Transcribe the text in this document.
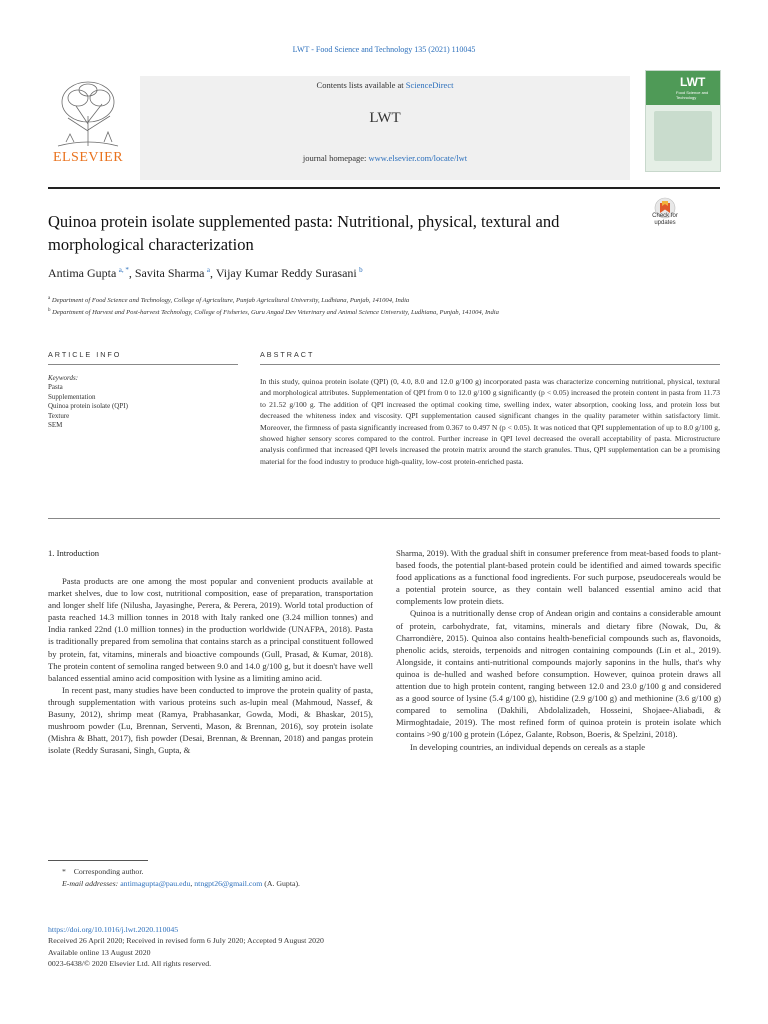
LWT - Food Science and Technology 135 (2021) 110045
Contents lists available at ScienceDirect
LWT
journal homepage: www.elsevier.com/locate/lwt
ELSEVIER
LWT
Food Science and Technology
Quinoa protein isolate supplemented pasta: Nutritional, physical, textural and morphological characterization
Check for
updates
Antima Gupta  $^{a, *}$, Savita Sharma  $^a$, Vijay Kumar Reddy Surasani  $^b$
$^a$ Department of Food Science and Technology, College of Agriculture, Punjab Agricultural University, Ludhiana, Punjab, 141004, India
$^b$ Department of Harvest and Post-harvest Technology, College of Fisheries, Guru Angad Dev Veterinary and Animal Science University, Ludhiana, Punjab, 141004, India
ARTICLE INFO	ABSTRACT
Keywords:
Pasta
Supplementation
Quinoa protein isolate (QPI)
Texture
SEM
In this study, quinoa protein isolate (QPI) (0, 4.0, 8.0 and 12.0 g/100 g) incorporated pasta was characterize concerning nutritional, physical, textural and morphological attributes. Supplementation of QPI from 0 to 12.0 g/100 g significantly (p < 0.05) increased the protein content in pasta from 11.73 to 21.52 g/100 g. The addition of QPI increased the optimal cooking time, swelling index, water absorption, cooking loss, and protein loss but decreased the whiteness index and viscosity. QPI supplementation caused significant changes in the quality parameter within satisfactory limit. Moreover, the firmness of pasta significantly increased from 0.367 to 0.497 N (p < 0.05). It was noticed that QPI supplementation of up to 8.0 g/100 g, showed higher sensory scores compared to the control. Further increase in QPI level decreased the overall acceptability of pasta. Microstructure analysis confirmed that increased QPI levels increased the protein matrix around the starch granules. Thus, QPI supplementation can be a promising material for the food industry to produce high-quality, low-cost protein-enriched pasta.
1. Introduction

Pasta products are one among the most popular and convenient products available at market shelves, due to low cost, nutritional composition, ease of preparation, transportation and longer shelf life (Nilusha, Jayasinghe, Perera, & Perera, 2019). World total production of pasta reached 14.3 million tonnes in 2018 with Italy ranked one (3.24 million tonnes) and India ranked 22nd (1.0 million tonnes) in the production worldwide (UNAFPA, 2018). Pasta is traditionally prepared from semolina that contains starch as a principal constituent followed by protein, fat, vitamins, minerals and bioactive compounds (Gull, Prasad, & Kumar, 2018). The protein content of semolina ranged between 9.0 and 14.0 g/100 g, but it doesn't have well balanced essential amino acid composition with lysine as a limiting amino acid.

In recent past, many studies have been conducted to improve the protein quality of pasta, through supplementation with various proteins such as-lupin meal (Mahmoud, Nassef, & Basuny, 2012), shrimp meat (Ramya, Prabhasankar, Gowda, Modi, & Bhaskar, 2015), mushroom powder (Lu, Brennan, Serventi, Mason, & Brennan, 2016), soy protein isolate (Mishra & Bhatt, 2017), fish powder (Desai, Brennan, & Brennan, 2018) and pangas protein isolate (Reddy Surasani, Singh, Gupta, &

Sharma, 2019). With the gradual shift in consumer preference from meat-based foods to plant-based foods, the potential plant-based protein could be identified and aimed towards specific food applications as a functional food ingredients. For such purpose, pseudocereals would be a potential protein source, as they contain well balanced essential amino acid that complements low protein diets.

Quinoa is a nutritionally dense crop of Andean origin and contains a considerable amount of protein, carbohydrate, fat, vitamins, minerals and dietary fibre (Nowak, Du, & Charrondière, 2015). Quinoa also contains health-beneficial compounds such as, flavonoids, phenolic acids, steroids, terpenoids and nitrogen containing compounds (Lin et al., 2019). Alongside, it contains anti-nutritional compounds majorly saponins in the hulls, that's why quinoa is de-hulled and washed before consumption. However, quinoa protein draws all attention due to high protein content, ranging between 12.0 and 23.0 g/100 g and considered as a good source of lysine (5.4 g/100 g), histidine (2.9 g/100 g) and methionine (3.6 g/100 g) compared to semolina (Dakhili, Abdolalizadeh, Hosseini, Shojaee-Aliabadi, & Mirmoghtadaie, 2019). The most refined form of quinoa protein is protein isolate which contains >90 g/100 g protein (López, Galante, Robson, Boeris, & Spelzini, 2018).

In developing countries, an individual depends on cereals as a staple

* Corresponding author.
E-mail addresses: antimagupta@pau.edu, ntngpt26@gmail.com (A. Gupta).
https://doi.org/10.1016/j.lwt.2020.110045
Received 26 April 2020; Received in revised form 6 July 2020; Accepted 9 August 2020
Available online 13 August 2020
0023-6438/© 2020 Elsevier Ltd. All rights reserved.
